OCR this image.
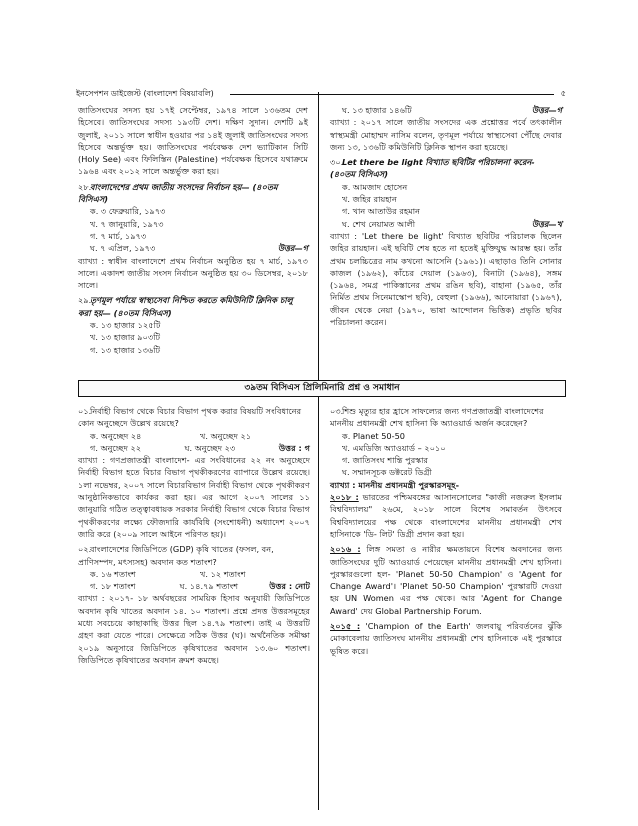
ইনসেপশন ডাইজেস্ট (বাংলাদেশ বিষয়াবলি)	৫

জাতিসংঘের সদস্য হয় ১৭ই সেপ্টেম্বর, ১৯৭৪ সালে ১৩৬তম দেশ হিসেবে। জাতিসংঘের সদস্য ১৯৩টি দেশ। দক্ষিণ সুদান। দেশটি ৯ই জুলাই, ২০১১ সালে স্বাধীন হওয়ার পর ১৪ই জুলাই জাতিসংঘের সদস্য হিসেবে অন্তর্ভুক্ত হয়। জাতিসংঘের পর্যবেক্ষক দেশ ভ্যাটিকান সিটি (Holy See) এবং ফিলিস্তিন (Palestine) পর্যবেক্ষক হিসেবে যথাক্রমে ১৯৬৪ এবং ২০১২ সালে অন্তর্ভুক্ত করা হয়।

২৮.বাংলাদেশের প্রথম জাতীয় সংসদের নির্বাচন হয়— (৪০তম বিসিএস)

ক. ৩ ফেব্রুয়ারি, ১৯৭৩

খ. ৭ জানুয়ারি, ১৯৭৩

গ. ৭ মার্চ, ১৯৭৩

ঘ. ৭ এপ্রিল, ১৯৭৩	উত্তর—গ

ব্যাখ্যা : স্বাধীন বাংলাদেশে প্রথম নির্বাচন অনুষ্ঠিত হয় ৭ মার্চ, ১৯৭৩ সালে। একাদশ জাতীয় সংসদ নির্বাচন অনুষ্ঠিত হয় ৩০ ডিসেম্বর, ২০১৮ সালে।

২৯.তৃণমূল পর্যায়ে স্বাস্থ্যসেবা নিশ্চিত করতে কমিউনিটি ক্লিনিক চালু করা হয়— (৪০তম বিসিএস)

ক. ১৩ হাজার ১২৫টি

খ. ১৩ হাজার ৯০৩টি

গ. ১৩ হাজার ১৩৬টি

ঘ. ১৩ হাজার ১৪৬টি	উত্তর—গ

ব্যাখ্যা : ২০১৭ সালে জাতীয় সংসদের এক প্রশ্নোত্তর পর্বে তৎকালীন স্বাস্থ্যমন্ত্রী মোহাম্মদ নাসিম বলেন, তৃণমূল পর্যায়ে স্বাস্থ্যসেবা পৌঁছে দেবার জন্য ১৩, ১৩৬টি কমিউনিটি ক্লিনিক স্থাপন করা হয়েছে।

৩০.Let there be light বিখ্যাত ছবিটির পরিচালনা করেন- (৪০তম বিসিএস)

ক. আমজাদ হোসেন

খ. জহির রায়হান

গ. খান আতাউর রহমান

ঘ. শেখ নেয়ামত আলী	উত্তর—খ

ব্যাখ্যা : 'Let there be light' বিখ্যাত ছবিটির পরিচালক ছিলেন জহির রায়হান। এই ছবিটি শেষ হতে না হতেই মুক্তিযুদ্ধ আরম্ভ হয়। তাঁর প্রথম চলচ্চিত্রের নাম কখনো আসেনি (১৯৬১)। এছাড়াও তিনি সোনার কাজল (১৯৬২), কাঁচের দেয়াল (১৯৬৩), বিনাটা (১৯৬৪), সঙ্গম (১৯৬৪, সমগ্র পাকিস্তানের প্রথম রঙিন ছবি), বাহানা (১৯৬৫, তাঁর নির্মিত প্রথম সিনেমাস্কোপ ছবি), বেহুলা (১৯৬৬), আনোয়ারা (১৯৬৭), জীবন থেকে নেয়া (১৯৭০, ভাষা আন্দোলন ভিত্তিক) প্রভৃতি ছবির পরিচালনা করেন।

৩৯তম বিসিএস প্রিলিমিনারি প্রশ্ন ও সমাধান

০১.নির্বাহী বিভাগ থেকে বিচার বিভাগ পৃথক করার বিষয়টি সংবিধানের কোন অনুচ্ছেদে উল্লেখ রয়েছে?

ক. অনুচ্ছেদ ২৪	খ. অনুচ্ছেদ ২১
গ. অনুচ্ছেদ ২২	ঘ. অনুচ্ছেদ ২৩	উত্তর : গ

ব্যাখ্যা : গণপ্রজাতন্ত্রী বাংলাদেশ- এর সংবিধানের ২২ নং অনুচ্ছেদে নির্বাহী বিভাগ হতে বিচার বিভাগ পৃথকীকরণের ব্যাপারে উল্লেখ রয়েছে। ১লা নভেম্বর, ২০০৭ সালে বিচারবিভাগ নির্বাহী বিভাগ থেকে পৃথকীকরণ আনুষ্ঠানিকভাবে কার্যকর করা হয়। এর আগে ২০০৭ সালের ১১ জানুয়ারি গঠিত তত্ত্বাবধায়ক সরকার নির্বাহী বিভাগ থেকে বিচার বিভাগ পৃথকীকরণের লক্ষ্যে ফৌজদারি কার্যবিধি (সংশোধনী) অধ্যাদেশ ২০০৭ জারি করে (২০০৯ সালে আইনে পরিণত হয়)।

০২.বাংলাদেশের জিডিপিতে (GDP) কৃষি খাতের (ফসল, বন, প্রাণিসম্পদ, মৎস্যসহ) অবদান কত শতাংশ?

ক. ১৬ শতাংশ	খ. ১২ শতাংশ
গ. ১৮ শতাংশ	ঘ. ১৪.৭৯ শতাংশ	উত্তর : নোট

ব্যাখ্যা : ২০১৭- ১৮ অর্থবছরের সাময়িক হিসাব অনুযায়ী জিডিপিতে অবদান কৃষি খাতের অবদান ১৪. ১০ শতাংশ। প্রশ্নে প্রদত্ত উত্তরসমূহের মধ্যে সবচেয়ে কাছাকাছি উত্তর ছিল ১৪.৭৯ শতাংশ। তাই এ উত্তরটি গ্রহণ করা যেতে পারে। সেক্ষেত্রে সঠিক উত্তর (ঘ)। অর্থনৈতিক সমীক্ষা ২০১৯ অনুসারে জিডিপিতে কৃষিখাতের অবদান ১৩.৬০ শতাংশ। জিডিপিতে কৃষিখাতের অবদান ক্রমশ কমছে।

০৩.শিশু মৃত্যুর হার হ্রাসে সাফল্যের জন্য গণপ্রজাতন্ত্রী বাংলাদেশের মাননীয় প্রধানমন্ত্রী শেখ হাসিনা কি অ্যাওয়ার্ড অর্জন করেছেন?

ক. Planet 50-50

খ. এমডিজি অ্যাওয়ার্ড – ২০১০

গ. জাতিসংঘ শান্তি পুরস্কার

ঘ. সম্মানসূচক ডক্টরেট ডিগ্রী

ব্যাখ্যা : মাননীয় প্রধানমন্ত্রী পুরস্কারসমূহ-

২০১৮ : ভারতের পশ্চিমবঙ্গের আসানসোলের "কাজী নজরুল ইসলাম বিশ্ববিদ্যালয়" ২৬মে, ২০১৮ সালে বিশেষ সমাবর্তন উৎসবে বিশ্ববিদ্যালয়ের পক্ষ থেকে বাংলাদেশের মাননীয় প্রধানমন্ত্রী শেখ হাসিনাকে 'ডি- লিট' ডিগ্রী প্রদান করা হয়।

২০১৬ : লিঙ্গ সমতা ও নারীর ক্ষমতায়নে বিশেষ অবদানের জন্য জাতিসংঘের দুটি অ্যাওয়ার্ড পেয়েছেন মাননীয় প্রধানমন্ত্রী শেখ হাসিনা। পুরস্কারগুলো হল- 'Planet 50-50 Champion' ও 'Agent for Change Award'। 'Planet 50-50 Champion' পুরস্কারটি দেওয়া হয় UN Women এর পক্ষ থেকে। আর 'Agent for Change Award' দেয় Global Partnership Forum.

২০১৫ : 'Champion of the Earth' জলবায়ু পরিবর্তনের ঝুঁকি মোকাবেলায় জাতিসংঘ মাননীয় প্রধানমন্ত্রী শেখ হাসিনাকে এই পুরস্কারে ভূষিত করে।
